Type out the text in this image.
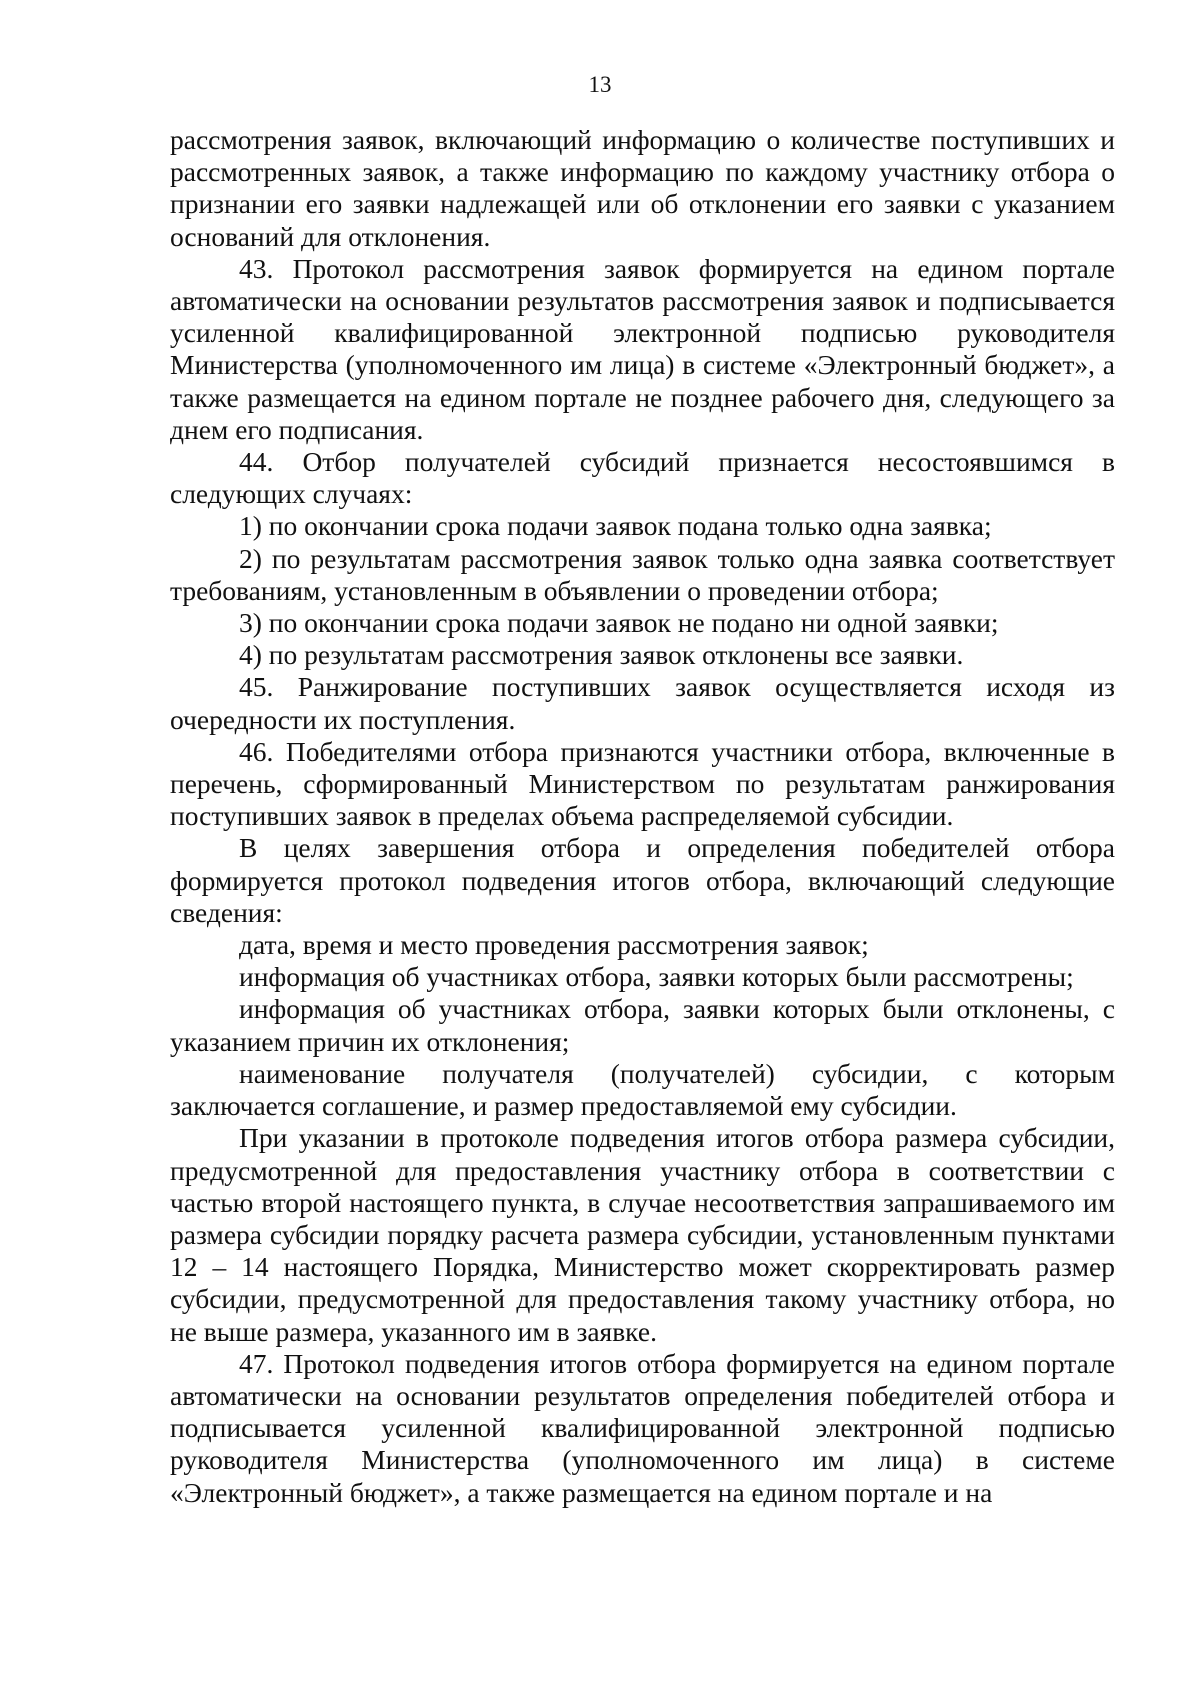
13

рассмотрения заявок, включающий информацию о количестве поступивших и рассмотренных заявок, а также информацию по каждому участнику отбора о признании его заявки надлежащей или об отклонении его заявки с указанием оснований для отклонения.

43. Протокол рассмотрения заявок формируется на едином портале автоматически на основании результатов рассмотрения заявок и подписывается усиленной квалифицированной электронной подписью руководителя Министерства (уполномоченного им лица) в системе «Электронный бюджет», а также размещается на едином портале не позднее рабочего дня, следующего за днем его подписания.

44. Отбор получателей субсидий признается несостоявшимся в следующих случаях:

1) по окончании срока подачи заявок подана только одна заявка;

2) по результатам рассмотрения заявок только одна заявка соответствует требованиям, установленным в объявлении о проведении отбора;

3) по окончании срока подачи заявок не подано ни одной заявки;

4) по результатам рассмотрения заявок отклонены все заявки.

45. Ранжирование поступивших заявок осуществляется исходя из очередности их поступления.

46. Победителями отбора признаются участники отбора, включенные в перечень, сформированный Министерством по результатам ранжирования поступивших заявок в пределах объема распределяемой субсидии.

В целях завершения отбора и определения победителей отбора формируется протокол подведения итогов отбора, включающий следующие сведения:

дата, время и место проведения рассмотрения заявок;

информация об участниках отбора, заявки которых были рассмотрены;

информация об участниках отбора, заявки которых были отклонены, с указанием причин их отклонения;

наименование получателя (получателей) субсидии, с которым заключается соглашение, и размер предоставляемой ему субсидии.

При указании в протоколе подведения итогов отбора размера субсидии, предусмотренной для предоставления участнику отбора в соответствии с частью второй настоящего пункта, в случае несоответствия запрашиваемого им размера субсидии порядку расчета размера субсидии, установленным пунктами 12 – 14 настоящего Порядка, Министерство может скорректировать размер субсидии, предусмотренной для предоставления такому участнику отбора, но не выше размера, указанного им в заявке.

47. Протокол подведения итогов отбора формируется на едином портале автоматически на основании результатов определения победителей отбора и подписывается усиленной квалифицированной электронной подписью руководителя Министерства (уполномоченного им лица) в системе «Электронный бюджет», а также размещается на едином портале и на
